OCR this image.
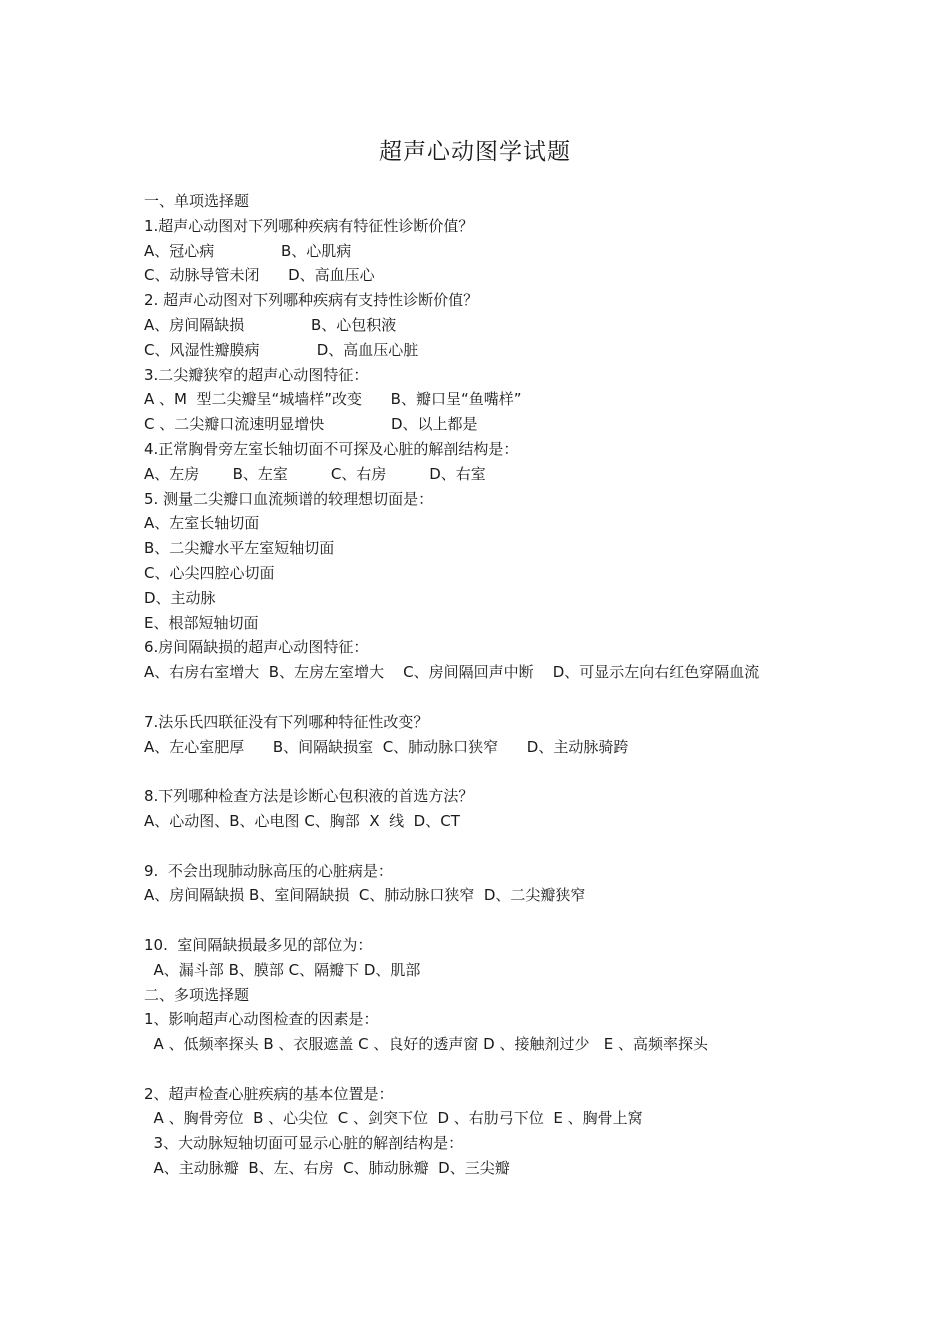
超声心动图学试题
一、单项选择题
1.超声心动图对下列哪种疾病有特征性诊断价值？
A、冠心病              B、心肌病
C、动脉导管未闭      D、高血压心
2. 超声心动图对下列哪种疾病有支持性诊断价值？
A、房间隔缺损              B、心包积液
C、风湿性瓣膜病            D、高血压心脏
3.二尖瓣狭窄的超声心动图特征：
A 、M  型二尖瓣呈“城墙样”改变      B、瓣口呈“鱼嘴样”
C 、二尖瓣口流速明显增快              D、以上都是
4.正常胸骨旁左室长轴切面不可探及心脏的解剖结构是：
A、左房       B、左室         C、右房         D、右室
5. 测量二尖瓣口血流频谱的较理想切面是：
A、左室长轴切面
B、二尖瓣水平左室短轴切面
C、心尖四腔心切面
D、主动脉
E、根部短轴切面
6.房间隔缺损的超声心动图特征：
A、右房右室增大  B、左房左室增大    C、房间隔回声中断    D、可显示左向右红色穿隔血流
7.法乐氏四联征没有下列哪种特征性改变？
A、左心室肥厚      B、间隔缺损室  C、肺动脉口狭窄      D、主动脉骑跨
8.下列哪种检查方法是诊断心包积液的首选方法？
A、心动图、B、心电图 C、胸部  X  线  D、CT
9.  不会出现肺动脉高压的心脏病是：
A、房间隔缺损 B、室间隔缺损  C、肺动脉口狭窄  D、二尖瓣狭窄
10.  室间隔缺损最多见的部位为：
A、漏斗部 B、膜部 C、隔瓣下 D、肌部
二、多项选择题
1、影响超声心动图检查的因素是：
A 、低频率探头 B 、衣服遮盖 C 、良好的透声窗 D 、接触剂过少   E 、高频率探头
2、超声检查心脏疾病的基本位置是：
A 、胸骨旁位  B 、心尖位  C 、剑突下位  D 、右肋弓下位  E 、胸骨上窝
3、大动脉短轴切面可显示心脏的解剖结构是：
A、主动脉瓣  B、左、右房  C、肺动脉瓣  D、三尖瓣
